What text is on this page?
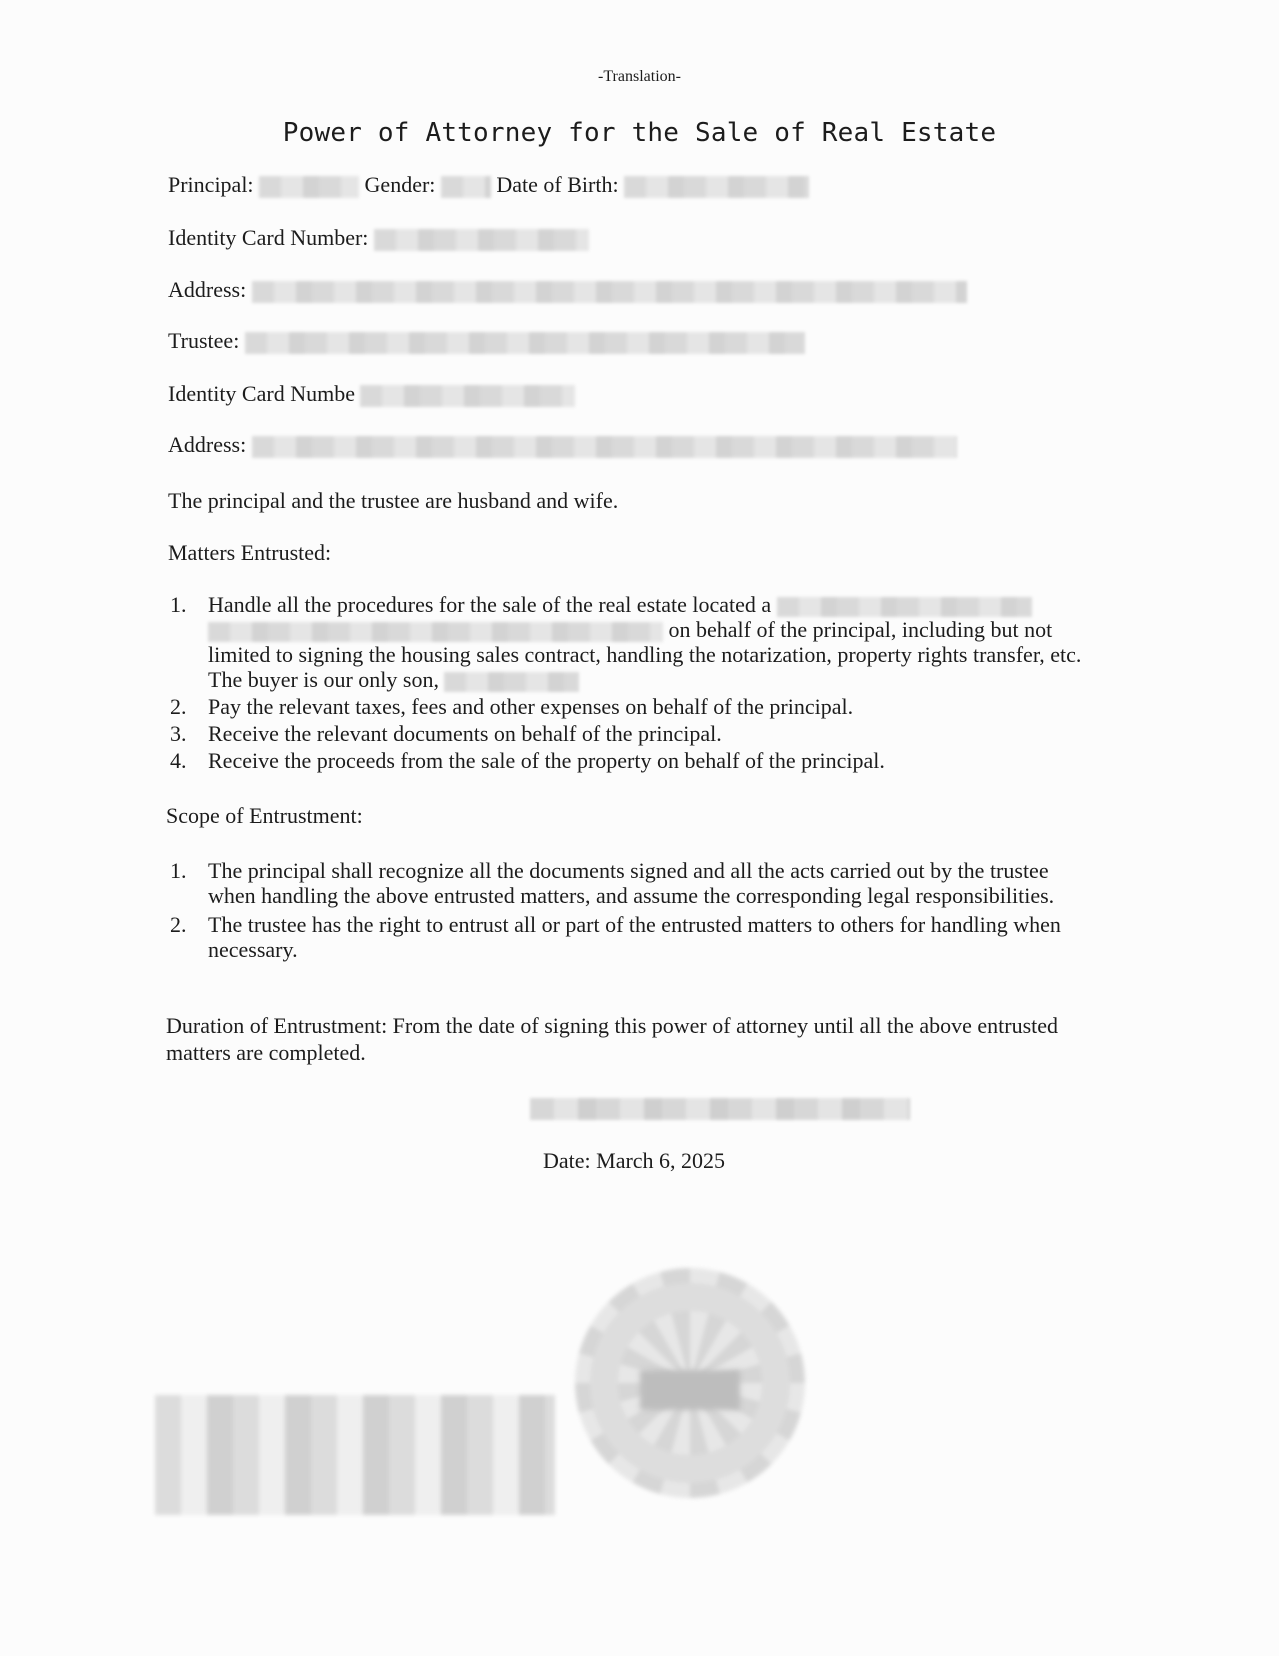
-Translation-
Power of Attorney for the Sale of Real Estate
Principal:	Gender:	Date of Birth:
Identity Card Number:
Address:
Trustee:
Identity Card Numbe
Address:
The principal and the trustee are husband and wife.
Matters Entrusted:
1. Handle all the procedures for the sale of the real estate located a
on behalf of the principal, including but not limited to signing the housing sales contract, handling the notarization, property rights transfer, etc. The buyer is our only son,
2. Pay the relevant taxes, fees and other expenses on behalf of the principal.
3. Receive the relevant documents on behalf of the principal.
4. Receive the proceeds from the sale of the property on behalf of the principal.
Scope of Entrustment:
1. The principal shall recognize all the documents signed and all the acts carried out by the trustee when handling the above entrusted matters, and assume the corresponding legal responsibilities.
2. The trustee has the right to entrust all or part of the entrusted matters to others for handling when necessary.
Duration of Entrustment: From the date of signing this power of attorney until all the above entrusted matters are completed.
Date: March 6, 2025
